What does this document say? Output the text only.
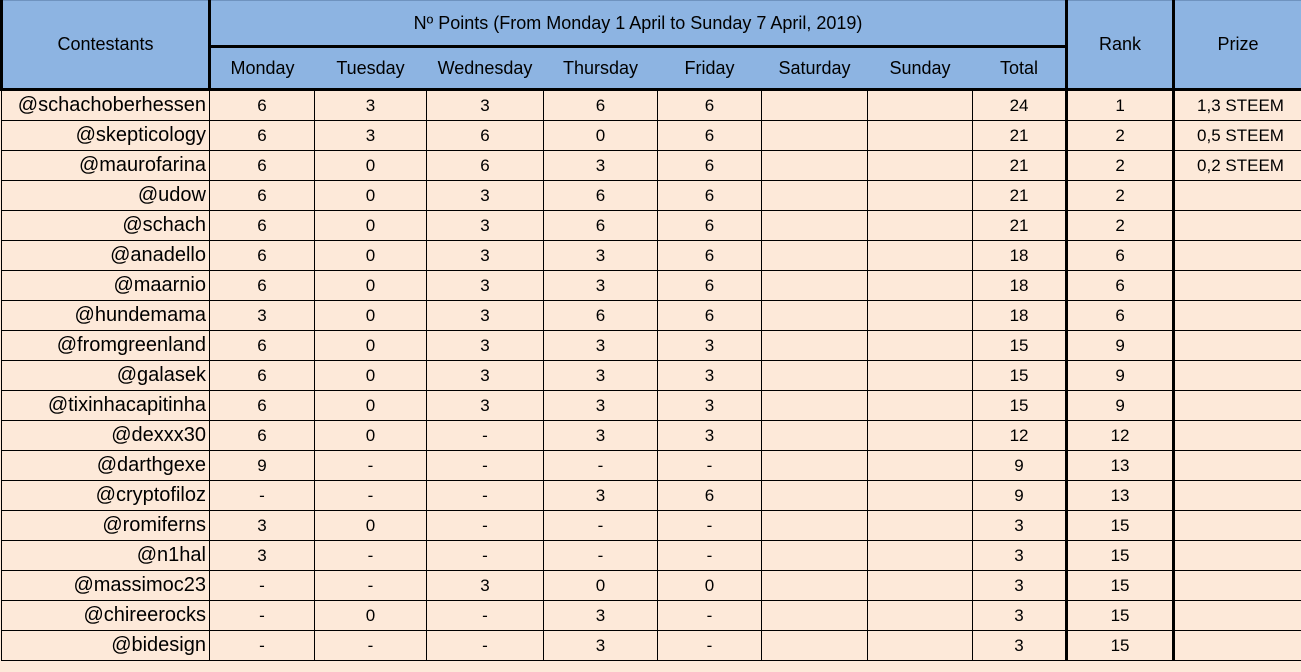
Contestants	Nº Points (From Monday 1 April to Sunday 7 April, 2019)								Rank	Prize
	Monday	Tuesday	Wednesday	Thursday	Friday	Saturday	Sunday	Total		
@schachoberhessen	6	3	3	6	6			24	1	1,3 STEEM
@skepticology	6	3	6	0	6			21	2	0,5 STEEM
@maurofarina	6	0	6	3	6			21	2	0,2 STEEM
@udow	6	0	3	6	6			21	2	
@schach	6	0	3	6	6			21	2	
@anadello	6	0	3	3	6			18	6	
@maarnio	6	0	3	3	6			18	6	
@hundemama	3	0	3	6	6			18	6	
@fromgreenland	6	0	3	3	3			15	9	
@galasek	6	0	3	3	3			15	9	
@tixinhacapitinha	6	0	3	3	3			15	9	
@dexxx30	6	0	-	3	3			12	12	
@darthgexe	9	-	-	-	-			9	13	
@cryptofiloz	-	-	-	3	6			9	13	
@romiferns	3	0	-	-	-			3	15	
@n1hal	3	-	-	-	-			3	15	
@massimoc23	-	-	3	0	0			3	15	
@chireerocks	-	0	-	3	-			3	15	
@bidesign	-	-	-	3	-			3	15	
